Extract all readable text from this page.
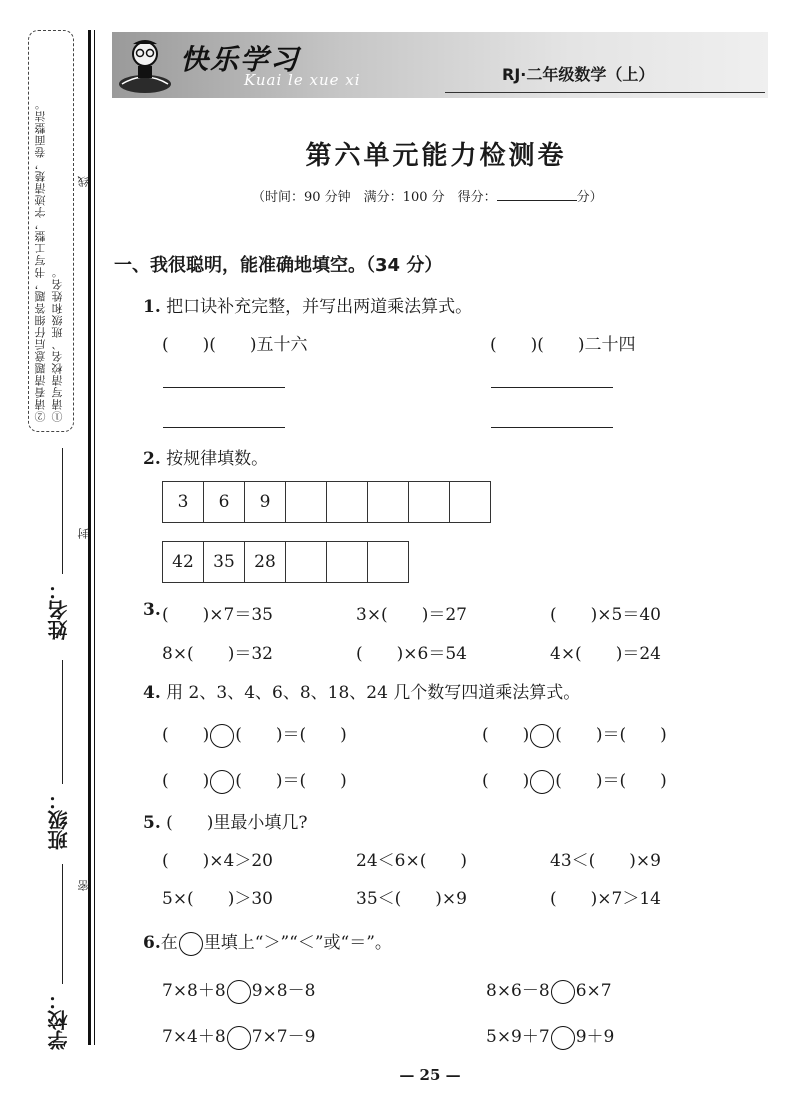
②请看清题意后仔细答题，书写工整，字迹清楚，卷面整洁。 ①请写清校名、班级和姓名。
线
封
密
姓名：
班级：
学校：
快乐学习
Kuai le xue xi	RJ·二年级数学（上）
第六单元能力检测卷
（时间：90 分钟　满分：100 分　得分：	分）
一、我很聪明，能准确地填空。（34 分）
1. 把口诀补充完整，并写出两道乘法算式。
(　　)(　　)五十六	(　　)(　　)二十四
2. 按规律填数。
3	6	9					
42	35	28			
3. (　　)×7＝35	3×(　　)＝27	(　　)×5＝40
8×(　　)＝32	(　　)×6＝54	4×(　　)＝24
4. 用 2、3、4、6、8、18、24 几个数写四道乘法算式。
(　　) (　　)＝(　　)	(　　) (　　)＝(　　)
(　　) (　　)＝(　　)	(　　) (　　)＝(　　)
5. (　　)里最小填几?
(　　)×4＞20	24＜6×(　　)	43＜(　　)×9
5×(　　)＞30	35＜(　　)×9	(　　)×7＞14
6.在 里填上“＞”“＜”或“＝”。
7×8＋8 9×8－8	8×6－8 6×7
7×4＋8 7×7－9	5×9＋7 9＋9
— 25 —
